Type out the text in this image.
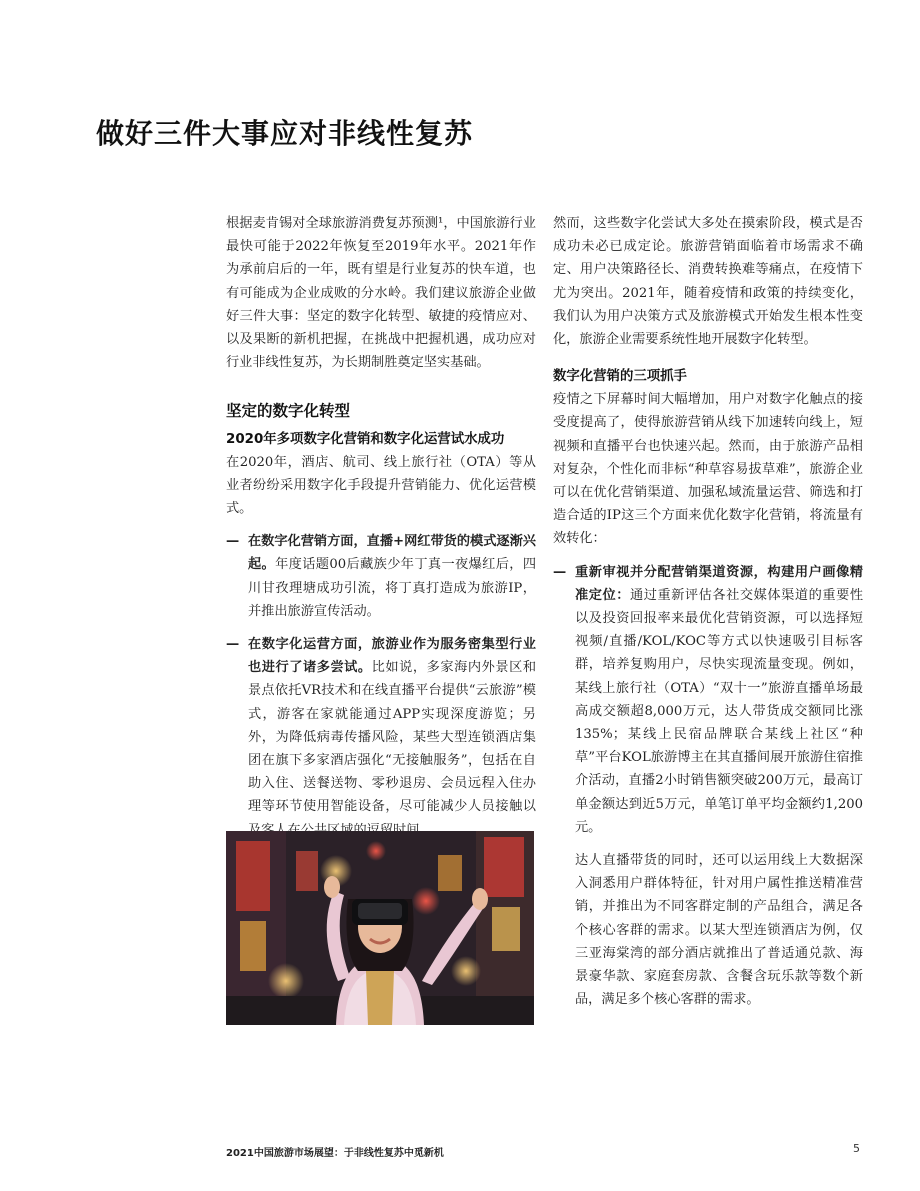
做好三件大事应对非线性复苏

根据麦肯锡对全球旅游消费复苏预测¹，中国旅游行业最快可能于2022年恢复至2019年水平。2021年作为承前启后的一年，既有望是行业复苏的快车道，也有可能成为企业成败的分水岭。我们建议旅游企业做好三件大事：坚定的数字化转型、敏捷的疫情应对、以及果断的新机把握，在挑战中把握机遇，成功应对行业非线性复苏，为长期制胜奠定坚实基础。

坚定的数字化转型
2020年多项数字化营销和数字化运营试水成功

在2020年，酒店、航司、线上旅行社（OTA）等从业者纷纷采用数字化手段提升营销能力、优化运营模式。

— 在数字化营销方面，直播+网红带货的模式逐渐兴起。年度话题00后藏族少年丁真一夜爆红后，四川甘孜理塘成功引流，将丁真打造成为旅游IP，并推出旅游宣传活动。
— 在数字化运营方面，旅游业作为服务密集型行业也进行了诸多尝试。比如说，多家海内外景区和景点依托VR技术和在线直播平台提供“云旅游”模式，游客在家就能通过APP实现深度游览；另外，为降低病毒传播风险，某些大型连锁酒店集团在旗下多家酒店强化“无接触服务”，包括在自助入住、送餐送物、零秒退房、会员远程入住办理等环节使用智能设备，尽可能减少人员接触以

然而，这些数字化尝试大多处在摸索阶段，模式是否成功未必已成定论。旅游营销面临着市场需求不确定、用户决策路径长、消费转换难等痛点，在疫情下尤为突出。2021年，随着疫情和政策的持续变化，我们认为用户决策方式及旅游模式开始发生根本性变化，旅游企业需要系统性地开展数字化转型。

数字化营销的三项抓手

疫情之下屏幕时间大幅增加，用户对数字化触点的接受度提高了，使得旅游营销从线下加速转向线上，短视频和直播平台也快速兴起。然而，由于旅游产品相对复杂，个性化而非标“种草容易拔草难”，旅游企业可以在优化营销渠道、加强私域流量运营、筛选和打造合适的IP这三个方面来优化数字化营销，将流量有效转化：

— 重新审视并分配营销渠道资源，构建用户画像精准定位：通过重新评估各社交媒体渠道的重要性以及投资回报率来最优化营销资源，可以选择短视频/直播/KOL/KOC等方式以快速吸引目标客群，培养复购用户，尽快实现流量变现。例如，某线上旅行社（OTA）“双十一”旅游直播单场最高成交额超8,000万元，达人带货成交额同比涨135%；某线上民宿品牌联合某线上社区“种草”平台KOL旅游博主在其直播间展开旅游住宿推介活动，直播2小时销售额突破200万元，最高订单金额达到近5万元，单笔订单平均金额约1,200元。

达人直播带货的同时，还可以运用线上大数据深入洞悉用户群体特征，针对用户属性推送精准营销，并推出为不同客群定制的产品组合，满足各个核心客群的需求。以某大型连锁酒店为例，仅三亚海棠湾的部分酒店就推出了普适通兑款、海景豪华款、家庭套房款、含餐含玩乐款等数个新品，满足多个核心客群的需求。

2021中国旅游市场展望：于非线性复苏中觅新机	5
